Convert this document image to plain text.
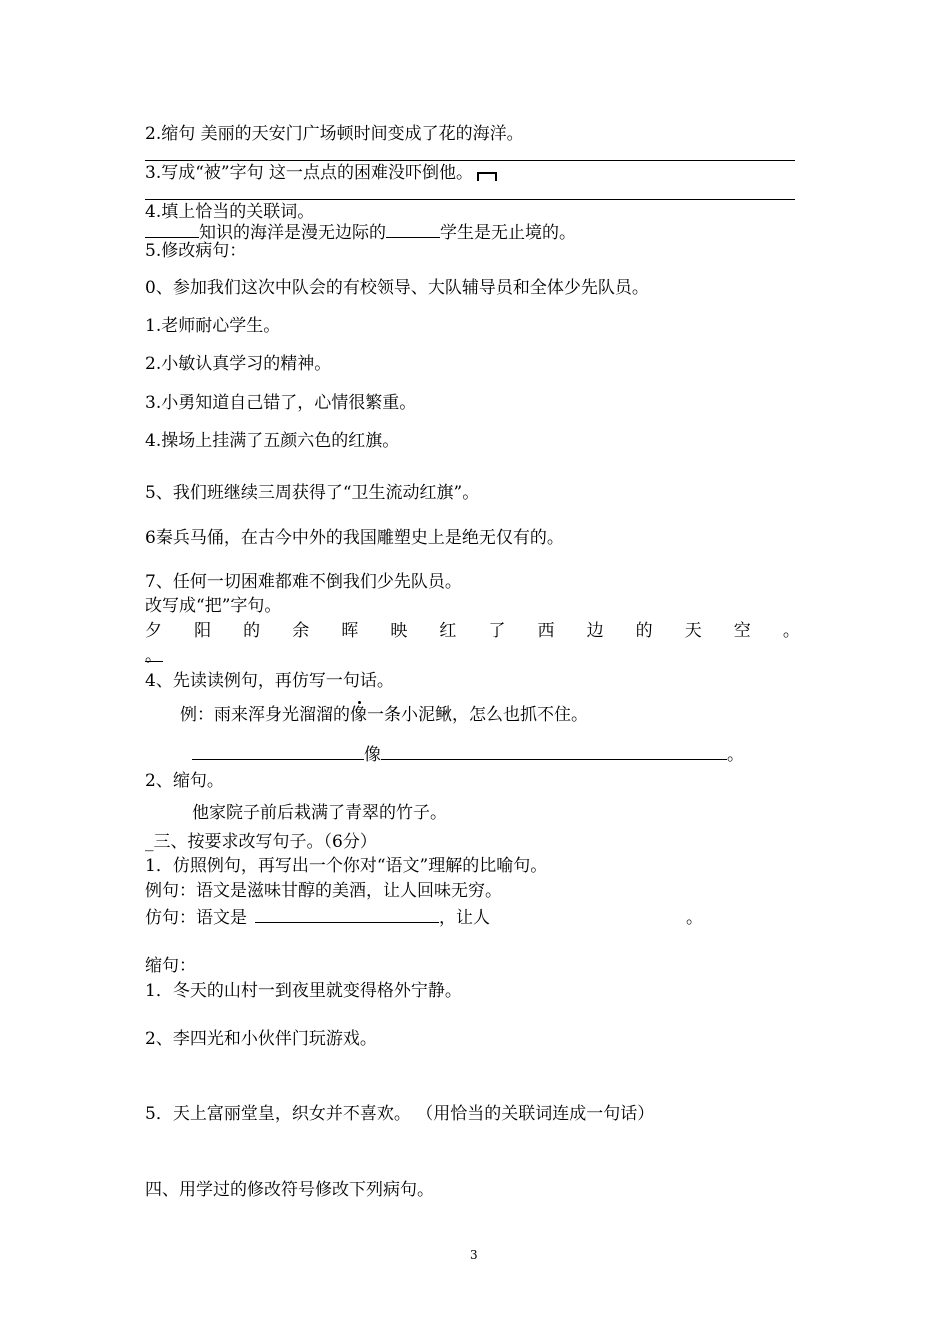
2.缩句 美丽的天安门广场顿时间变成了花的海洋。
3.写成“被”字句 这一点点的困难没吓倒他。
4.填上恰当的关联词。
知识的海洋是漫无边际的	学生是无止境的。
5.修改病句：
0、参加我们这次中队会的有校领导、大队辅导员和全体少先队员。
1.老师耐心学生。
2.小敏认真学习的精神。
3.小勇知道自己错了，心情很繁重。
4.操场上挂满了五颜六色的红旗。
5、我们班继续三周获得了“卫生流动红旗”。
6秦兵马俑，在古今中外的我国雕塑史上是绝无仅有的。
7、任何一切困难都难不倒我们少先队员。
改写成“把”字句。
夕 阳 的 余 晖 映 红 了 西 边 的 天 空 。
。
4、先读读例句，再仿写一句话。
例：雨来浑身光溜溜的像一条小泥鳅，怎么也抓不住。
像	。
2、缩句。
他家院子前后栽满了青翠的竹子。
_三、按要求改写句子。（6分）
1．仿照例句，再写出一个你对“语文”理解的比喻句。
例句：语文是滋味甘醇的美酒，让人回味无穷。
仿句：语文是	，让人	。
缩句：
1．冬天的山村一到夜里就变得格外宁静。
2、李四光和小伙伴门玩游戏。
5．天上富丽堂皇，织女并不喜欢。 （用恰当的关联词连成一句话）
四、用学过的修改符号修改下列病句。
3
